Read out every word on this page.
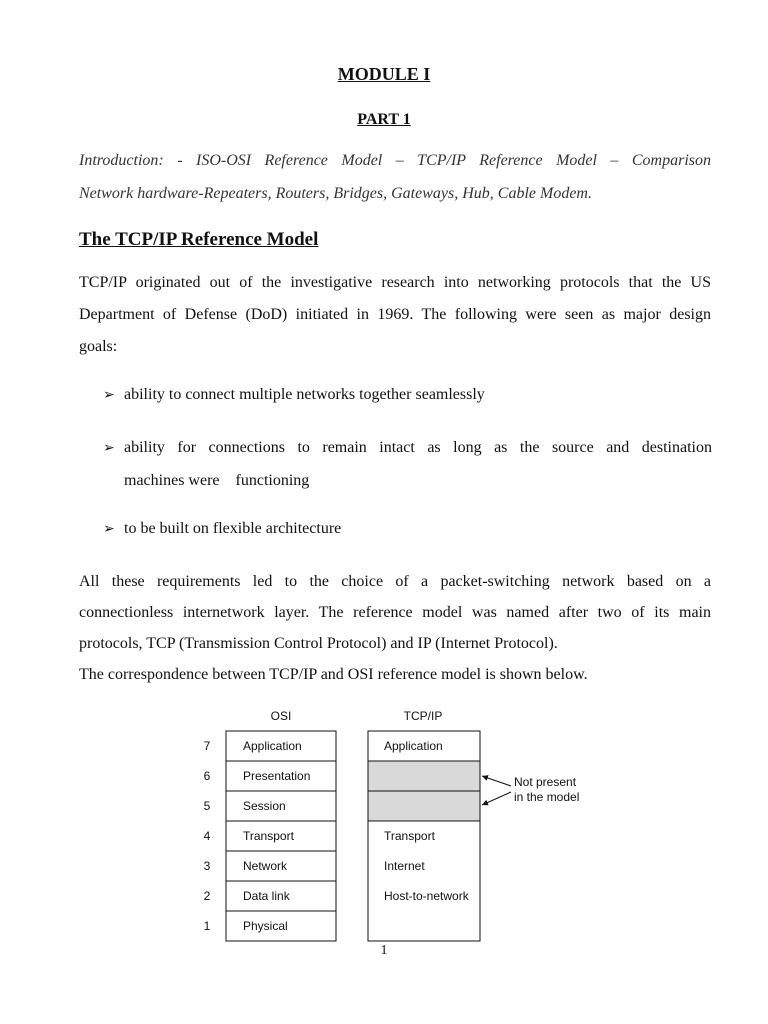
MODULE I
PART 1
Introduction: - ISO-OSI Reference Model – TCP/IP Reference Model – Comparison
Network hardware-Repeaters, Routers, Bridges, Gateways, Hub, Cable Modem.
The TCP/IP Reference Model
TCP/IP originated out of the investigative research into networking protocols that the US
Department of Defense (DoD) initiated in 1969. The following were seen as major design
goals:
➢ ability to connect multiple networks together seamlessly
➢ ability for connections to remain intact as long as the source and destination
machines were    functioning
➢ to be built on flexible architecture
All these requirements led to the choice of a packet-switching network based on a
connectionless internetwork layer. The reference model was named after two of its main
protocols, TCP (Transmission Control Protocol) and IP (Internet Protocol).
The correspondence between TCP/IP and OSI reference model is shown below.
OSI	TCP/IP
7
6
5
4
3
2
1
Application
Presentation
Session
Transport
Network
Data link
Physical
Application
Transport
Internet
Host-to-network
Not present
in the model
1
